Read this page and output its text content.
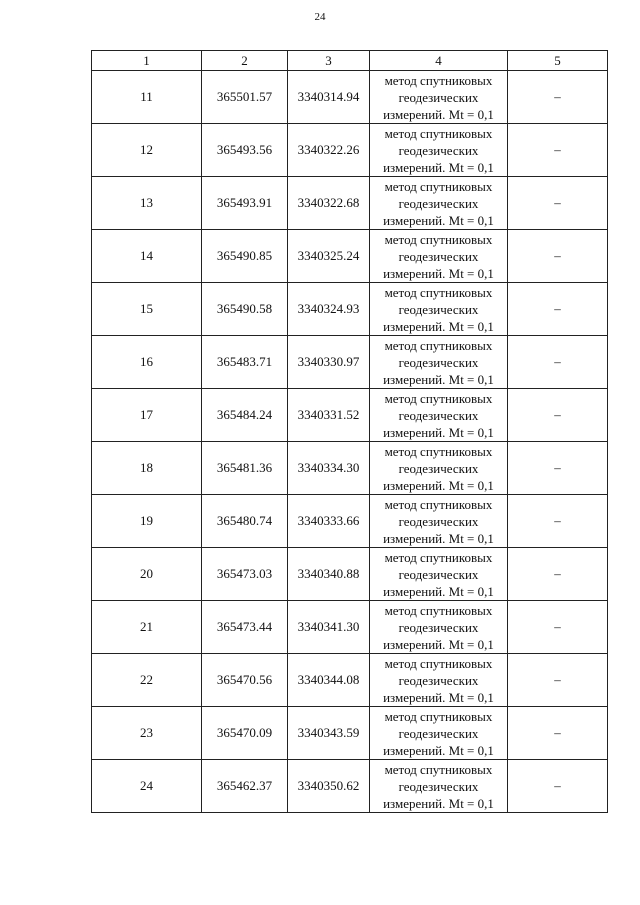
24
1	2	3	4	5
11	365501.57	3340314.94	метод спутниковых
геодезических
измерений. Mt = 0,1	–
12	365493.56	3340322.26	метод спутниковых
геодезических
измерений. Mt = 0,1	–
13	365493.91	3340322.68	метод спутниковых
геодезических
измерений. Mt = 0,1	–
14	365490.85	3340325.24	метод спутниковых
геодезических
измерений. Mt = 0,1	–
15	365490.58	3340324.93	метод спутниковых
геодезических
измерений. Mt = 0,1	–
16	365483.71	3340330.97	метод спутниковых
геодезических
измерений. Mt = 0,1	–
17	365484.24	3340331.52	метод спутниковых
геодезических
измерений. Mt = 0,1	–
18	365481.36	3340334.30	метод спутниковых
геодезических
измерений. Mt = 0,1	–
19	365480.74	3340333.66	метод спутниковых
геодезических
измерений. Mt = 0,1	–
20	365473.03	3340340.88	метод спутниковых
геодезических
измерений. Mt = 0,1	–
21	365473.44	3340341.30	метод спутниковых
геодезических
измерений. Mt = 0,1	–
22	365470.56	3340344.08	метод спутниковых
геодезических
измерений. Mt = 0,1	–
23	365470.09	3340343.59	метод спутниковых
геодезических
измерений. Mt = 0,1	–
24	365462.37	3340350.62	метод спутниковых
геодезических
измерений. Mt = 0,1	–
